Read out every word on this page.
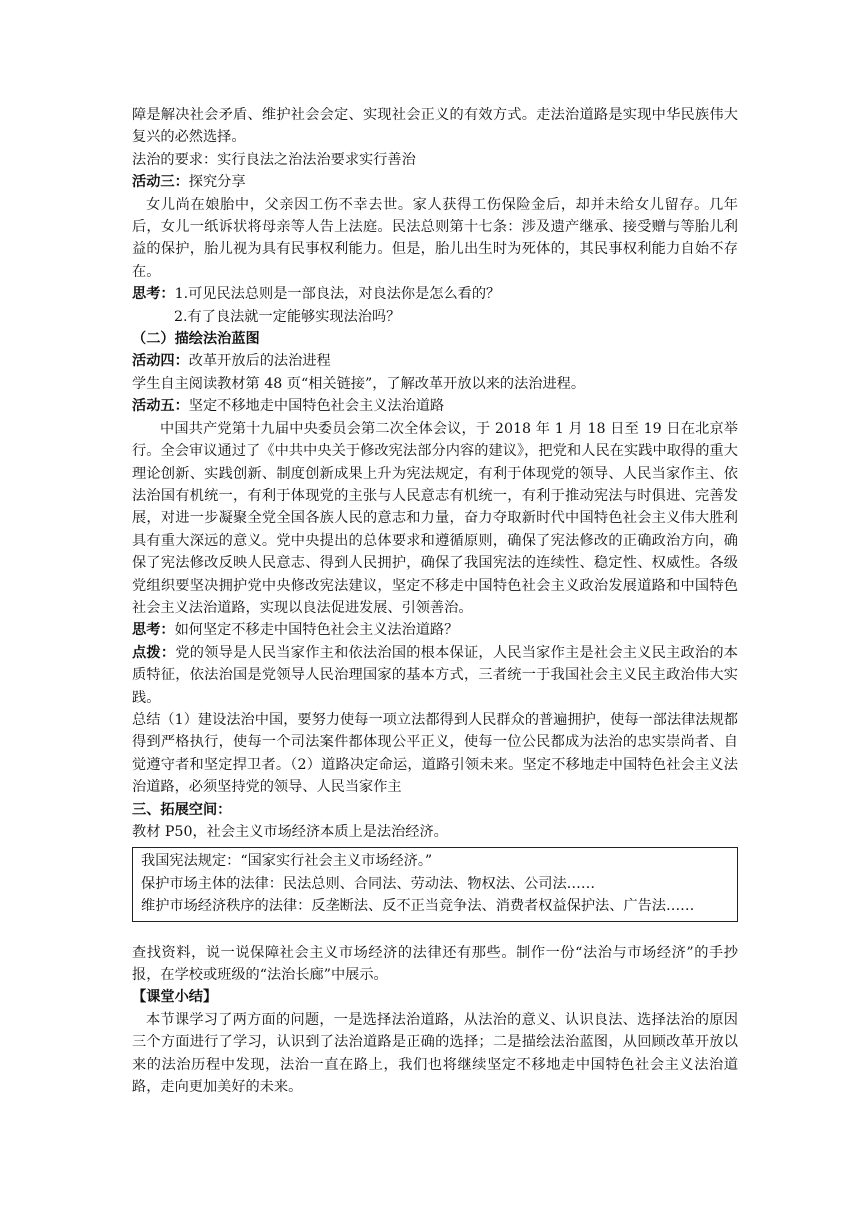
障是解决社会矛盾、维护社会会定、实现社会正义的有效方式。走法治道路是实现中华民族伟大复兴的必然选择。

法治的要求：实行良法之治法治要求实行善治

活动三：探究分享

女儿尚在娘胎中，父亲因工伤不幸去世。家人获得工伤保险金后，却并未给女儿留存。几年后，女儿一纸诉状将母亲等人告上法庭。民法总则第十七条：涉及遗产继承、接受赠与等胎儿利益的保护，胎儿视为具有民事权利能力。但是，胎儿出生时为死体的，其民事权利能力自始不存在。

思考：1.可见民法总则是一部良法，对良法你是怎么看的？

2.有了良法就一定能够实现法治吗？

（二）描绘法治蓝图

活动四：改革开放后的法治进程

学生自主阅读教材第 48 页“相关链接”，了解改革开放以来的法治进程。

活动五：坚定不移地走中国特色社会主义法治道路

中国共产党第十九届中央委员会第二次全体会议，于 2018 年 1 月 18 日至 19 日在北京举行。全会审议通过了《中共中央关于修改宪法部分内容的建议》，把党和人民在实践中取得的重大理论创新、实践创新、制度创新成果上升为宪法规定，有利于体现党的领导、人民当家作主、依法治国有机统一，有利于体现党的主张与人民意志有机统一，有利于推动宪法与时俱进、完善发展，对进一步凝聚全党全国各族人民的意志和力量，奋力夺取新时代中国特色社会主义伟大胜利具有重大深远的意义。党中央提出的总体要求和遵循原则，确保了宪法修改的正确政治方向，确保了宪法修改反映人民意志、得到人民拥护，确保了我国宪法的连续性、稳定性、权威性。各级党组织要坚决拥护党中央修改宪法建议，坚定不移走中国特色社会主义政治发展道路和中国特色社会主义法治道路，实现以良法促进发展、引领善治。

思考：如何坚定不移走中国特色社会主义法治道路？

点拨：党的领导是人民当家作主和依法治国的根本保证，人民当家作主是社会主义民主政治的本质特征，依法治国是党领导人民治理国家的基本方式，三者统一于我国社会主义民主政治伟大实践。

总结（1）建设法治中国，要努力使每一项立法都得到人民群众的普遍拥护，使每一部法律法规都得到严格执行，使每一个司法案件都体现公平正义，使每一位公民都成为法治的忠实崇尚者、自觉遵守者和坚定捍卫者。（2）道路决定命运，道路引领未来。坚定不移地走中国特色社会主义法治道路，必须坚持党的领导、人民当家作主

三、拓展空间：

教材 P50，社会主义市场经济本质上是法治经济。

我国宪法规定：“国家实行社会主义市场经济。”

保护市场主体的法律：民法总则、合同法、劳动法、物权法、公司法……

维护市场经济秩序的法律：反垄断法、反不正当竞争法、消费者权益保护法、广告法……

查找资料，说一说保障社会主义市场经济的法律还有那些。制作一份“法治与市场经济”的手抄报，在学校或班级的“法治长廊”中展示。

【课堂小结】

本节课学习了两方面的问题，一是选择法治道路，从法治的意义、认识良法、选择法治的原因三个方面进行了学习，认识到了法治道路是正确的选择；二是描绘法治蓝图，从回顾改革开放以来的法治历程中发现，法治一直在路上，我们也将继续坚定不移地走中国特色社会主义法治道路，走向更加美好的未来。
